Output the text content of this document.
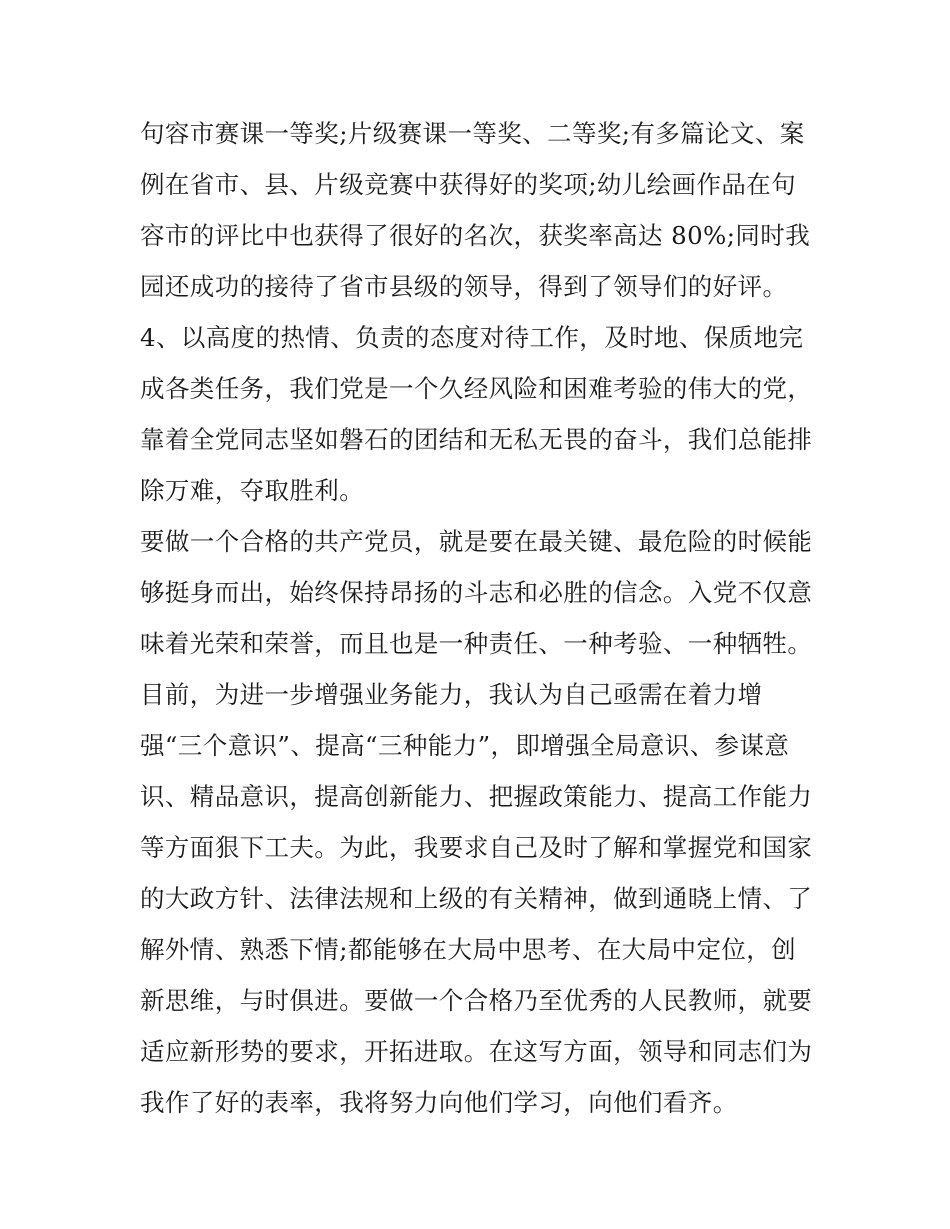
句容市赛课一等奖;片级赛课一等奖、二等奖;有多篇论文、案
例在省市、县、片级竞赛中获得好的奖项;幼儿绘画作品在句
容市的评比中也获得了很好的名次，获奖率高达 80%;同时我
园还成功的接待了省市县级的领导，得到了领导们的好评。
4、以高度的热情、负责的态度对待工作，及时地、保质地完
成各类任务，我们党是一个久经风险和困难考验的伟大的党，
靠着全党同志坚如磐石的团结和无私无畏的奋斗，我们总能排
除万难，夺取胜利。
要做一个合格的共产党员，就是要在最关键、最危险的时候能
够挺身而出，始终保持昂扬的斗志和必胜的信念。入党不仅意
味着光荣和荣誉，而且也是一种责任、一种考验、一种牺牲。
目前，为进一步增强业务能力，我认为自己亟需在着力增
强“三个意识”、提高“三种能力”，即增强全局意识、参谋意
识、精品意识，提高创新能力、把握政策能力、提高工作能力
等方面狠下工夫。为此，我要求自己及时了解和掌握党和国家
的大政方针、法律法规和上级的有关精神，做到通晓上情、了
解外情、熟悉下情;都能够在大局中思考、在大局中定位，创
新思维，与时俱进。要做一个合格乃至优秀的人民教师，就要
适应新形势的要求，开拓进取。在这写方面，领导和同志们为
我作了好的表率，我将努力向他们学习，向他们看齐。
